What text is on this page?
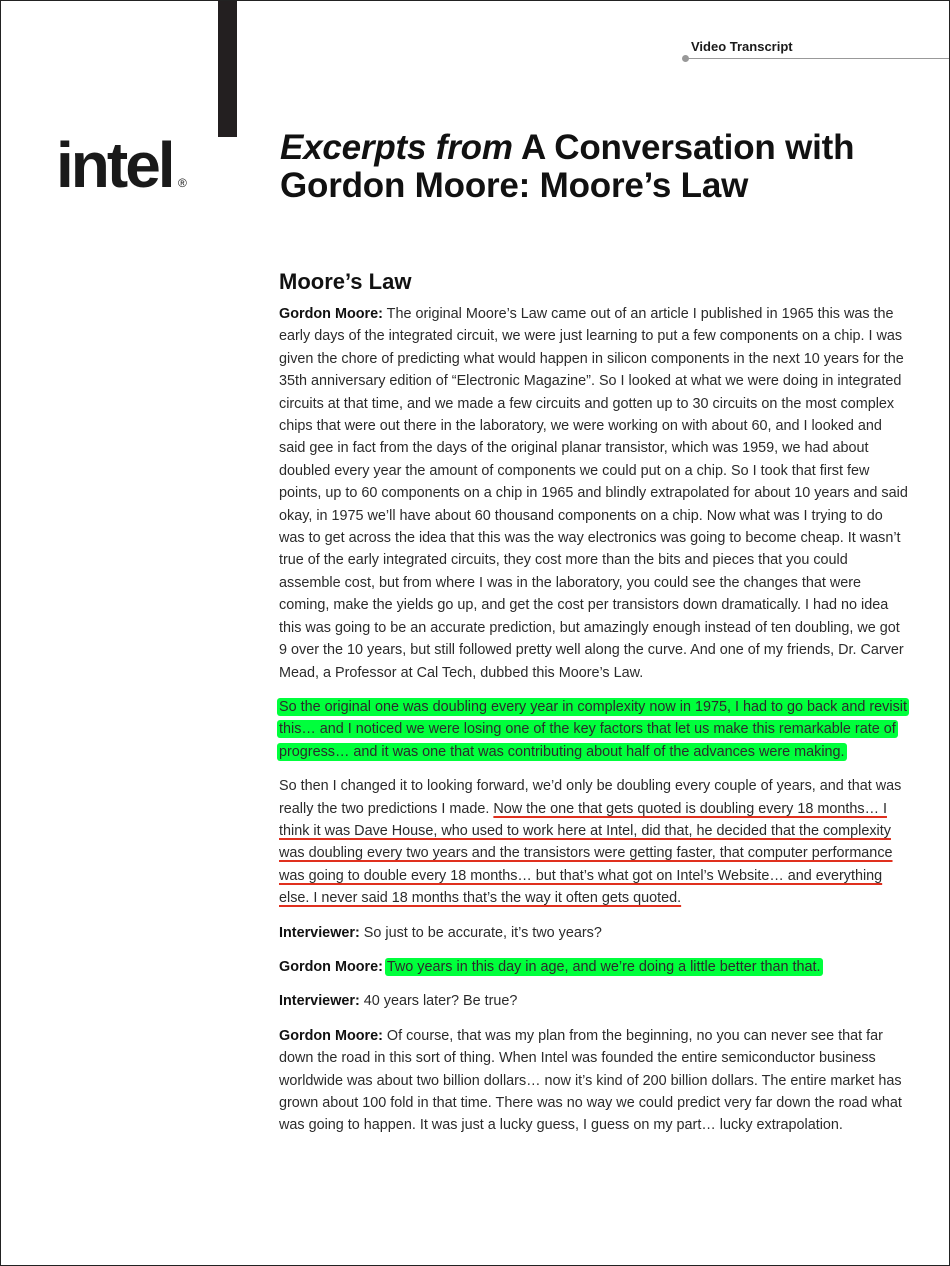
Video Transcript
intel ®
Excerpts from A Conversation with Gordon Moore: Moore’s Law
Moore’s Law

Gordon Moore: The original Moore’s Law came out of an article I published in 1965 this was the early days of the integrated circuit, we were just learning to put a few components on a chip. I was given the chore of predicting what would happen in silicon components in the next 10 years for the 35th anniversary edition of “Electronic Magazine”. So I looked at what we were doing in integrated circuits at that time, and we made a few circuits and gotten up to 30 circuits on the most complex chips that were out there in the laboratory, we were working on with about 60, and I looked and said gee in fact from the days of the original planar transistor, which was 1959, we had about doubled every year the amount of components we could put on a chip. So I took that first few points, up to 60 components on a chip in 1965 and blindly extrapolated for about 10 years and said okay, in 1975 we’ll have about 60 thousand components on a chip. Now what was I trying to do was to get across the idea that this was the way electronics was going to become cheap. It wasn’t true of the early integrated circuits, they cost more than the bits and pieces that you could assemble cost, but from where I was in the laboratory, you could see the changes that were coming, make the yields go up, and get the cost per transistors down dramatically. I had no idea this was going to be an accurate prediction, but amazingly enough instead of ten doubling, we got 9 over the 10 years, but still followed pretty well along the curve. And one of my friends, Dr. Carver Mead, a Professor at Cal Tech, dubbed this Moore’s Law.

So the original one was doubling every year in complexity now in 1975, I had to go back and revisit this… and I noticed we were losing one of the key factors that let us make this remarkable rate of progress… and it was one that was contributing about half of the advances were making.

So then I changed it to looking forward, we’d only be doubling every couple of years, and that was really the two predictions I made. Now the one that gets quoted is doubling every 18 months… I think it was Dave House, who used to work here at Intel, did that, he decided that the complexity was doubling every two years and the transistors were getting faster, that computer performance was going to double every 18 months… but that’s what got on Intel’s Website… and everything else. I never said 18 months that’s the way it often gets quoted.

Interviewer: So just to be accurate, it’s two years?

Gordon Moore: Two years in this day in age, and we’re doing a little better than that.

Interviewer: 40 years later? Be true?

Gordon Moore: Of course, that was my plan from the beginning, no you can never see that far down the road in this sort of thing. When Intel was founded the entire semiconductor business worldwide was about two billion dollars… now it’s kind of 200 billion dollars. The entire market has grown about 100 fold in that time. There was no way we could predict very far down the road what was going to happen. It was just a lucky guess, I guess on my part… lucky extrapolation.
